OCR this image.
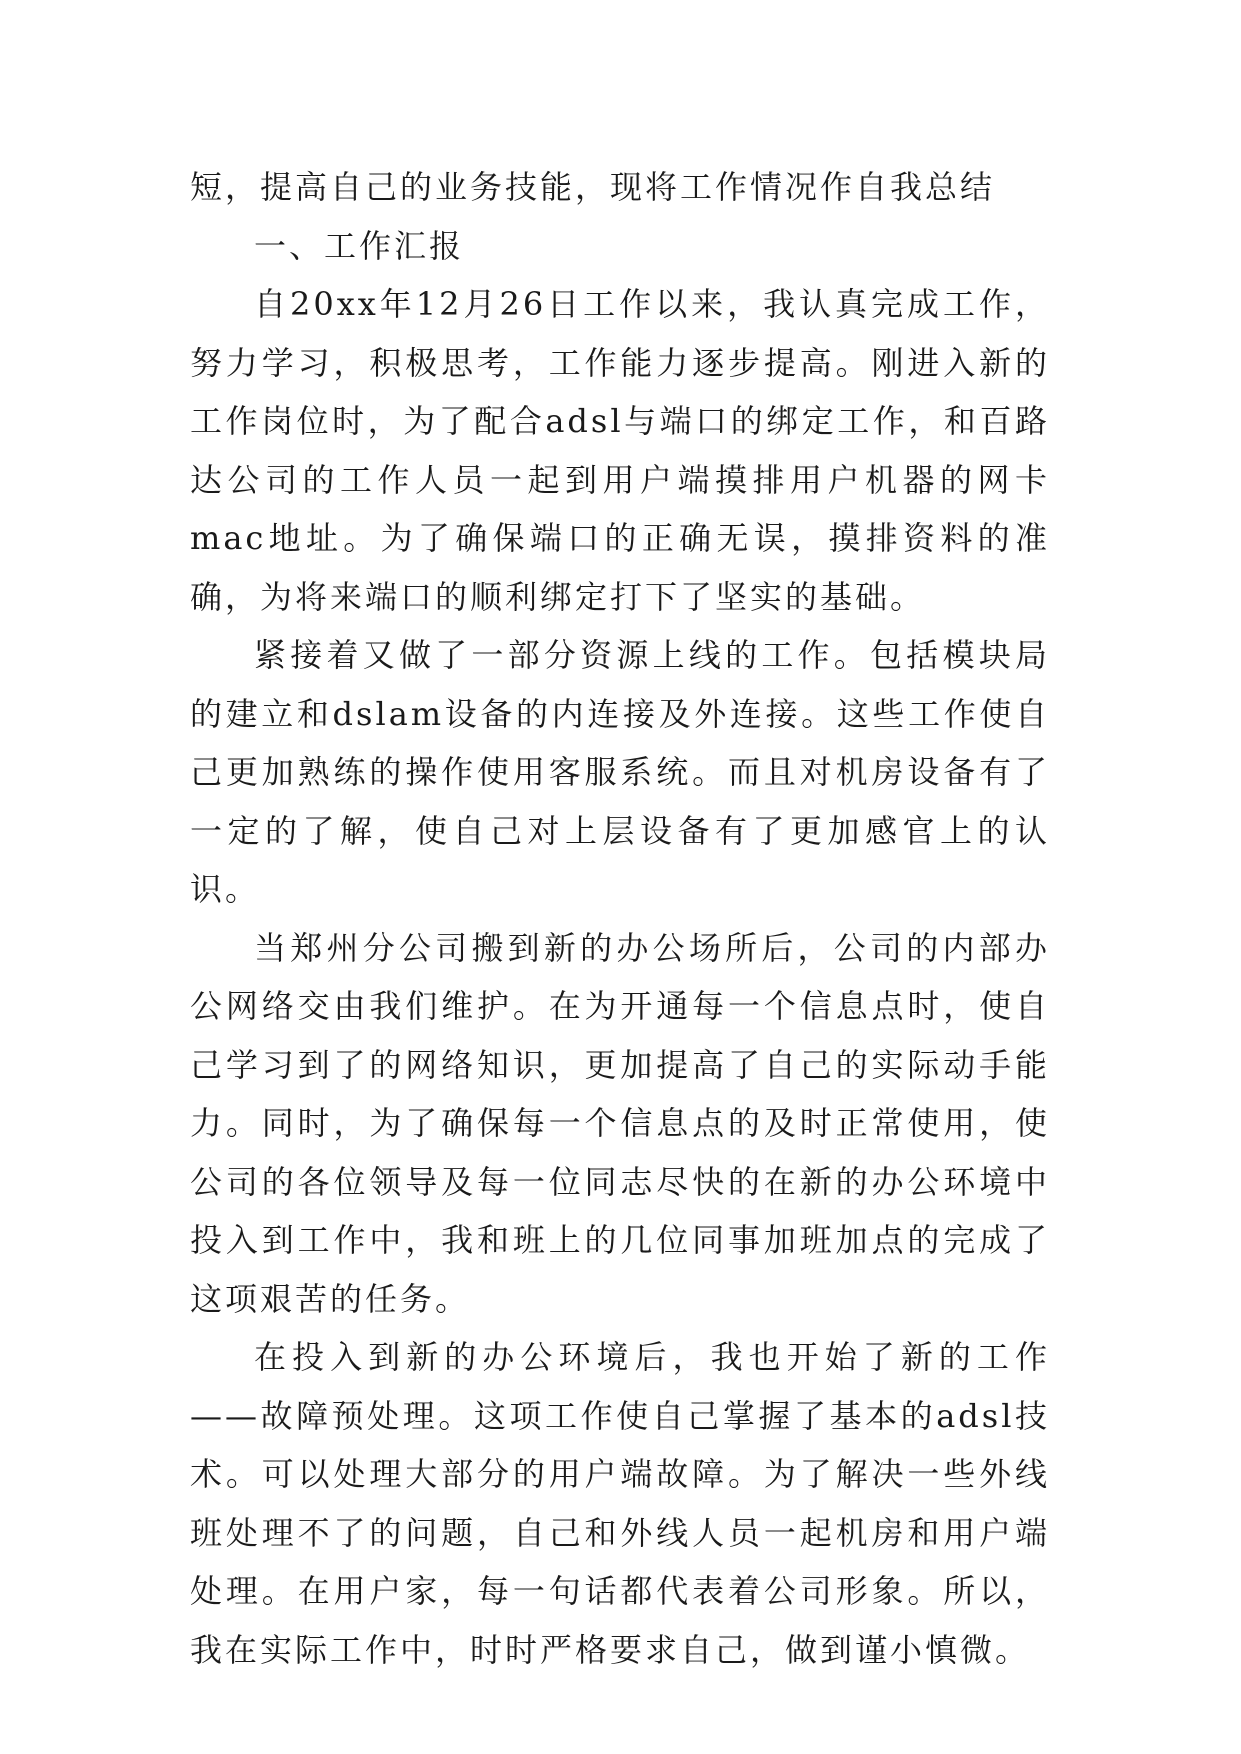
短，提高自己的业务技能，现将工作情况作自我总结

一、工作汇报

自20xx年12月26日工作以来，我认真完成工作，努力学习，积极思考，工作能力逐步提高。刚进入新的工作岗位时，为了配合adsl与端口的绑定工作，和百路达公司的工作人员一起到用户端摸排用户机器的网卡mac地址。为了确保端口的正确无误，摸排资料的准确，为将来端口的顺利绑定打下了坚实的基础。

紧接着又做了一部分资源上线的工作。包括模块局的建立和dslam设备的内连接及外连接。这些工作使自己更加熟练的操作使用客服系统。而且对机房设备有了一定的了解，使自己对上层设备有了更加感官上的认识。

当郑州分公司搬到新的办公场所后，公司的内部办公网络交由我们维护。在为开通每一个信息点时，使自己学习到了的网络知识，更加提高了自己的实际动手能力。同时，为了确保每一个信息点的及时正常使用，使公司的各位领导及每一位同志尽快的在新的办公环境中投入到工作中，我和班上的几位同事加班加点的完成了这项艰苦的任务。

在投入到新的办公环境后，我也开始了新的工作——故障预处理。这项工作使自己掌握了基本的adsl技术。可以处理大部分的用户端故障。为了解决一些外线班处理不了的问题，自己和外线人员一起机房和用户端处理。在用户家，每一句话都代表着公司形象。所以，我在实际工作中，时时严格要求自己，做到谨小慎微。
